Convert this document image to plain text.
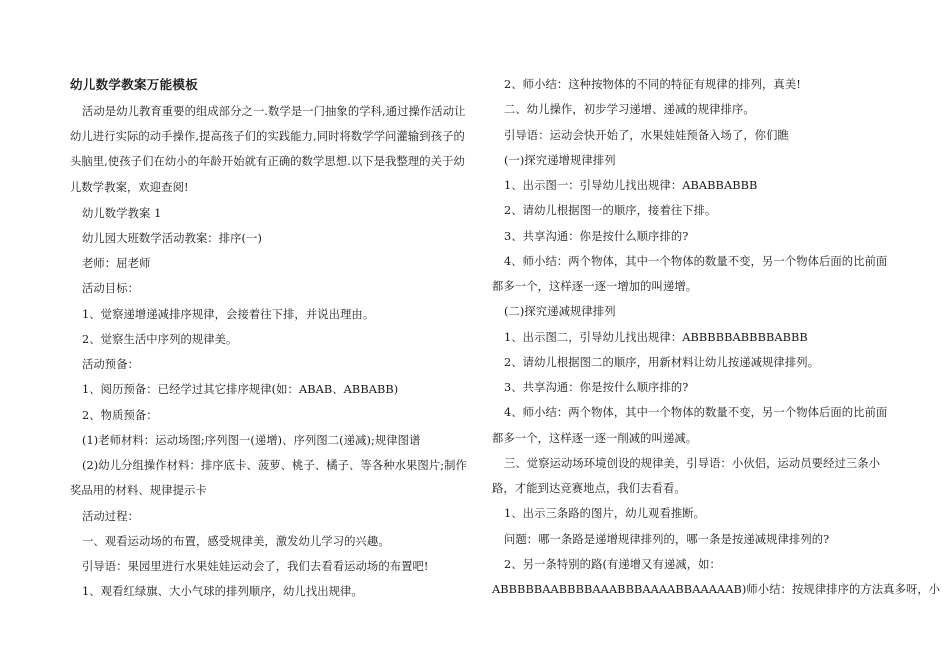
幼儿数学教案万能模板
活动是幼儿教育重要的组成部分之一.数学是一门抽象的学科,通过操作活动让
幼儿进行实际的动手操作,提高孩子们的实践能力,同时将数学学问灌输到孩子的
头脑里,使孩子们在幼小的年龄开始就有正确的数学思想.以下是我整理的关于幼
儿数学教案，欢迎查阅!
幼儿数学教案 1
幼儿园大班数学活动教案：排序(一)
老师：屈老师
活动目标：
1、觉察递增递减排序规律，会接着往下排，并说出理由。
2、觉察生活中序列的规律美。
活动预备：
1、阅历预备：已经学过其它排序规律(如：ABAB、ABBABB)
2、物质预备：
(1)老师材料：运动场图;序列图一(递增)、序列图二(递减);规律图谱
(2)幼儿分组操作材料：排序底卡、菠萝、桃子、橘子、等各种水果图片;制作
奖品用的材料、规律提示卡
活动过程：
一、观看运动场的布置，感受规律美，激发幼儿学习的兴趣。
引导语：果园里进行水果娃娃运动会了，我们去看看运动场的布置吧!
1、观看红绿旗、大小气球的排列顺序，幼儿找出规律。
2、师小结：这种按物体的不同的特征有规律的排列，真美!
二、幼儿操作，初步学习递增、递减的规律排序。
引导语：运动会快开始了，水果娃娃预备入场了，你们瞧
(一)探究递增规律排列
1、出示图一：引导幼儿找出规律：ABABBABBB
2、请幼儿根据图一的顺序，接着往下排。
3、共享沟通：你是按什么顺序排的?
4、师小结：两个物体，其中一个物体的数量不变，另一个物体后面的比前面
都多一个，这样逐一逐一增加的叫递增。
(二)探究递减规律排列
1、出示图二，引导幼儿找出规律：ABBBBBABBBBABBB
2、请幼儿根据图二的顺序，用新材料让幼儿按递减规律排列。
3、共享沟通：你是按什么顺序排的?
4、师小结：两个物体，其中一个物体的数量不变，另一个物体后面的比前面
都多一个，这样逐一逐一削减的叫递减。
三、觉察运动场环境创设的规律美，引导语：小伙侣，运动员要经过三条小
路，才能到达竞赛地点，我们去看看。
1、出示三条路的图片，幼儿观看推断。
问题：哪一条路是递增规律排列的，哪一条是按递减规律排列的?
2、另一条特别的路(有递增又有递减，如：
ABBBBBAABBBBAAABBBAAAABBAAAAAB)师小结：按规律排序的方法真多呀，小
